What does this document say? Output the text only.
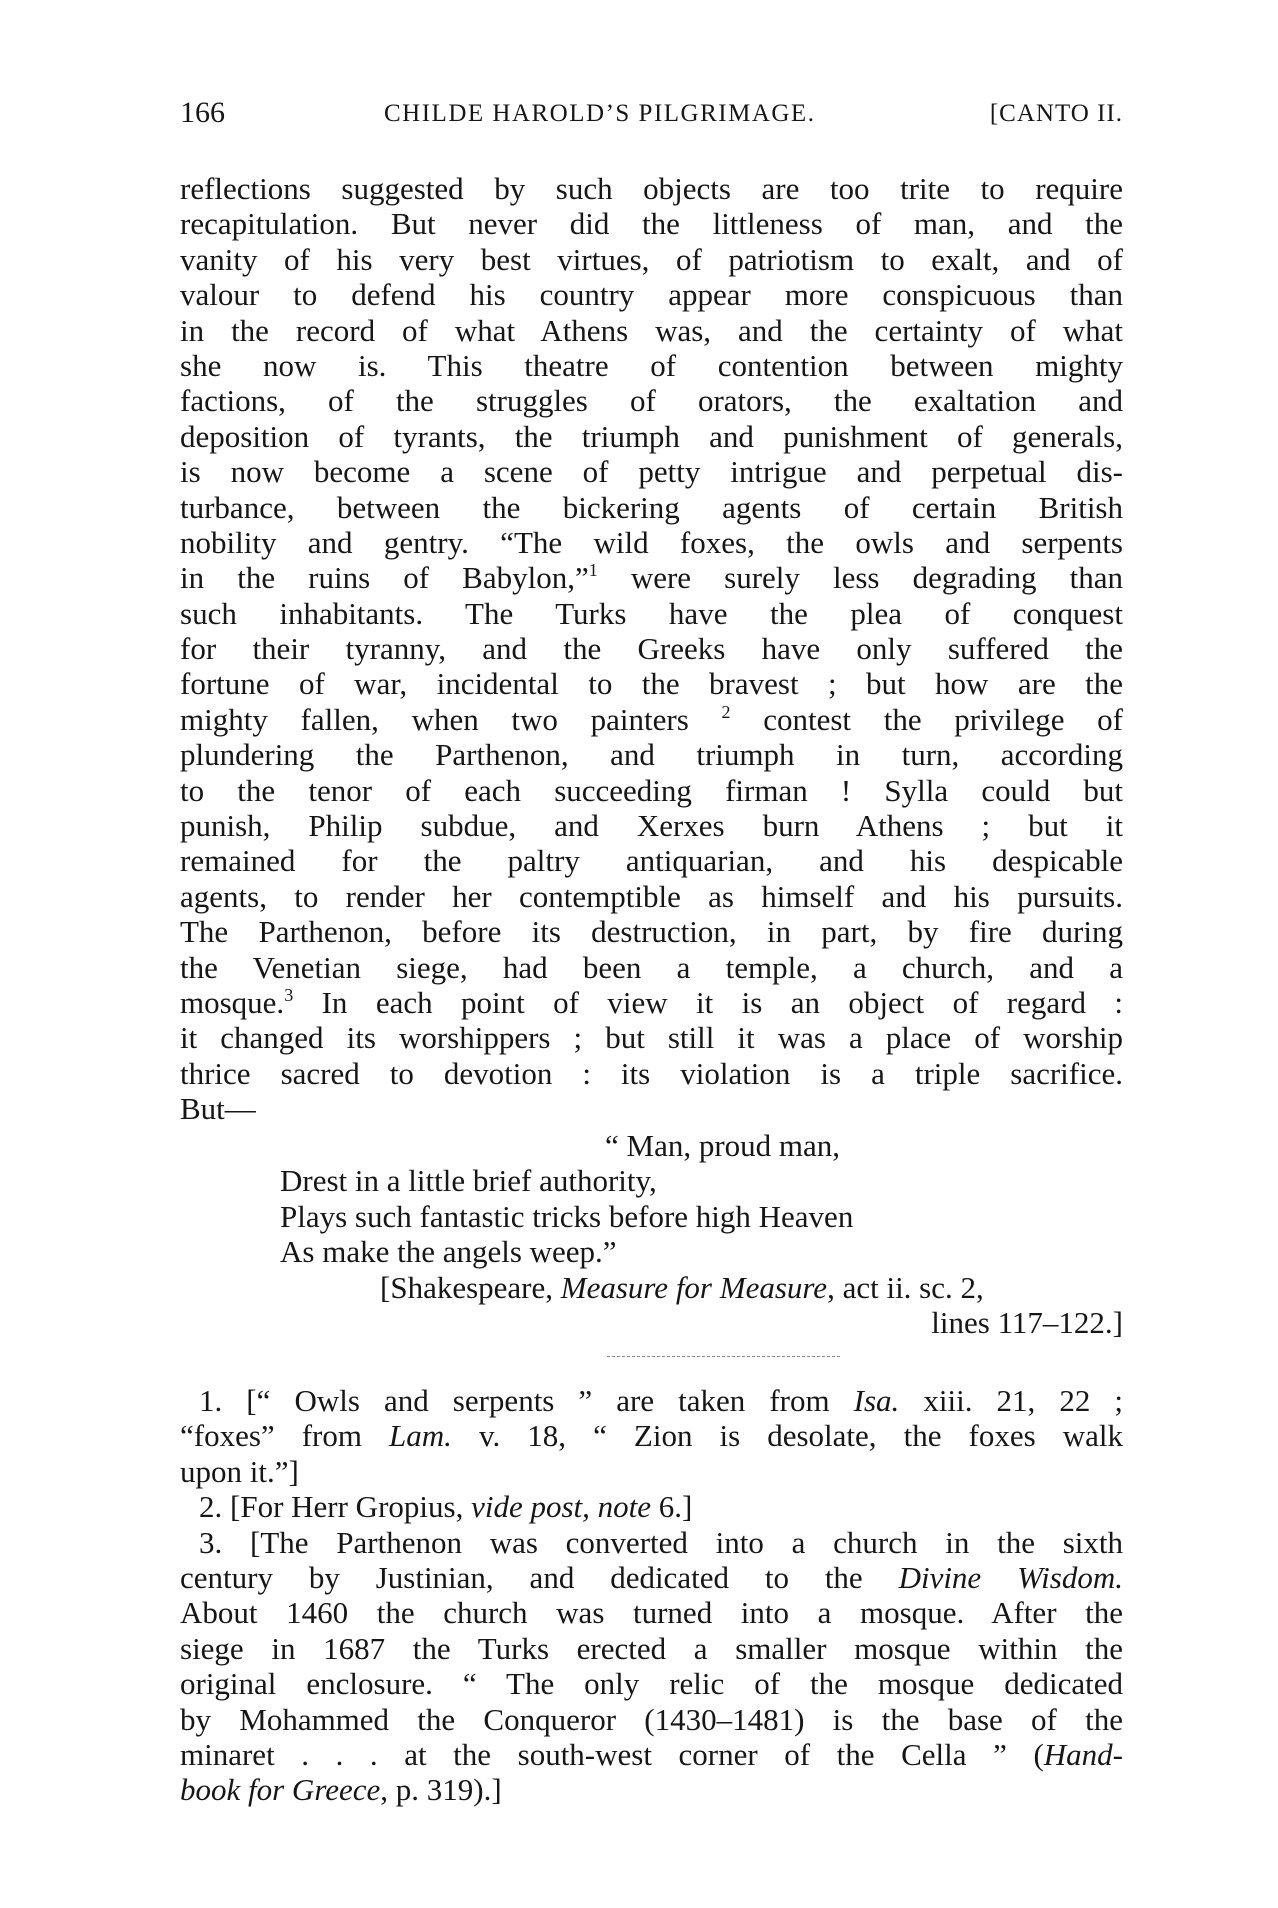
166	CHILDE HAROLD’S PILGRIMAGE.	[CANTO II.
reflections suggested by such objects are too trite to require
recapitulation. But never did the littleness of man, and the
vanity of his very best virtues, of patriotism to exalt, and of
valour to defend his country appear more conspicuous than
in the record of what Athens was, and the certainty of what
she now is. This theatre of contention between mighty
factions, of the struggles of orators, the exaltation and
deposition of tyrants, the triumph and punishment of generals,
is now become a scene of petty intrigue and perpetual dis-
turbance, between the bickering agents of certain British
nobility and gentry. “The wild foxes, the owls and serpents
in the ruins of Babylon,”$^1$ were surely less degrading than
such inhabitants. The Turks have the plea of conquest
for their tyranny, and the Greeks have only suffered the
fortune of war, incidental to the bravest ; but how are the
mighty fallen, when two painters $^2$ contest the privilege of
plundering the Parthenon, and triumph in turn, according
to the tenor of each succeeding firman ! Sylla could but
punish, Philip subdue, and Xerxes burn Athens ; but it
remained for the paltry antiquarian, and his despicable
agents, to render her contemptible as himself and his pursuits.
The Parthenon, before its destruction, in part, by fire during
the Venetian siege, had been a temple, a church, and a
mosque.$^3$ In each point of view it is an object of regard :
it changed its worshippers ; but still it was a place of worship
thrice sacred to devotion : its violation is a triple sacrifice.
But—
“ Man, proud man,
Drest in a little brief authority,
Plays such fantastic tricks before high Heaven
As make the angels weep.”
[Shakespeare, Measure for Measure, act ii. sc. 2,
lines 117–122.]
1. [“ Owls and serpents ” are taken from Isa. xiii. 21, 22 ;
“foxes” from Lam. v. 18, “ Zion is desolate, the foxes walk
upon it.”]
2. [For Herr Gropius, vide post, note 6.]
3. [The Parthenon was converted into a church in the sixth
century by Justinian, and dedicated to the Divine Wisdom.
About 1460 the church was turned into a mosque. After the
siege in 1687 the Turks erected a smaller mosque within the
original enclosure. “ The only relic of the mosque dedicated
by Mohammed the Conqueror (1430–1481) is the base of the
minaret . . . at the south-west corner of the Cella ” (Hand-
book for Greece, p. 319).]
